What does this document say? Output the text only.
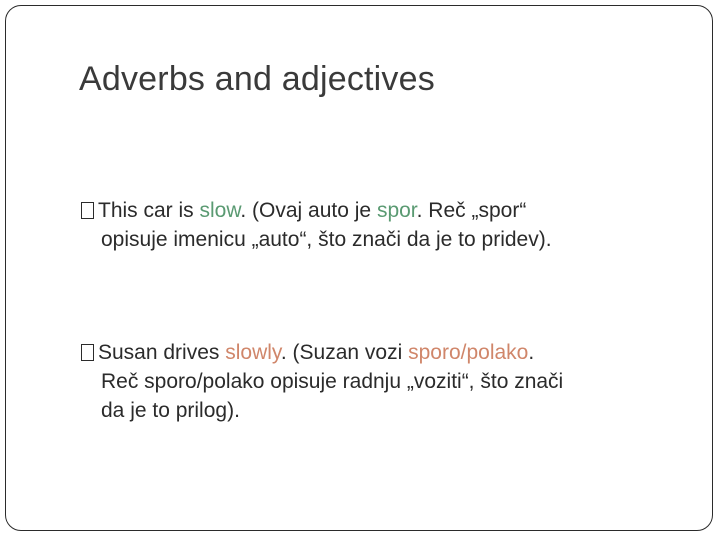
Adverbs and adjectives
This car is slow. (Ovaj auto je spor. Reč „spor“
opisuje imenicu „auto“, što znači da je to pridev).
Susan drives slowly. (Suzan vozi sporo/polako.
Reč sporo/polako opisuje radnju „voziti“, što znači
da je to prilog).
